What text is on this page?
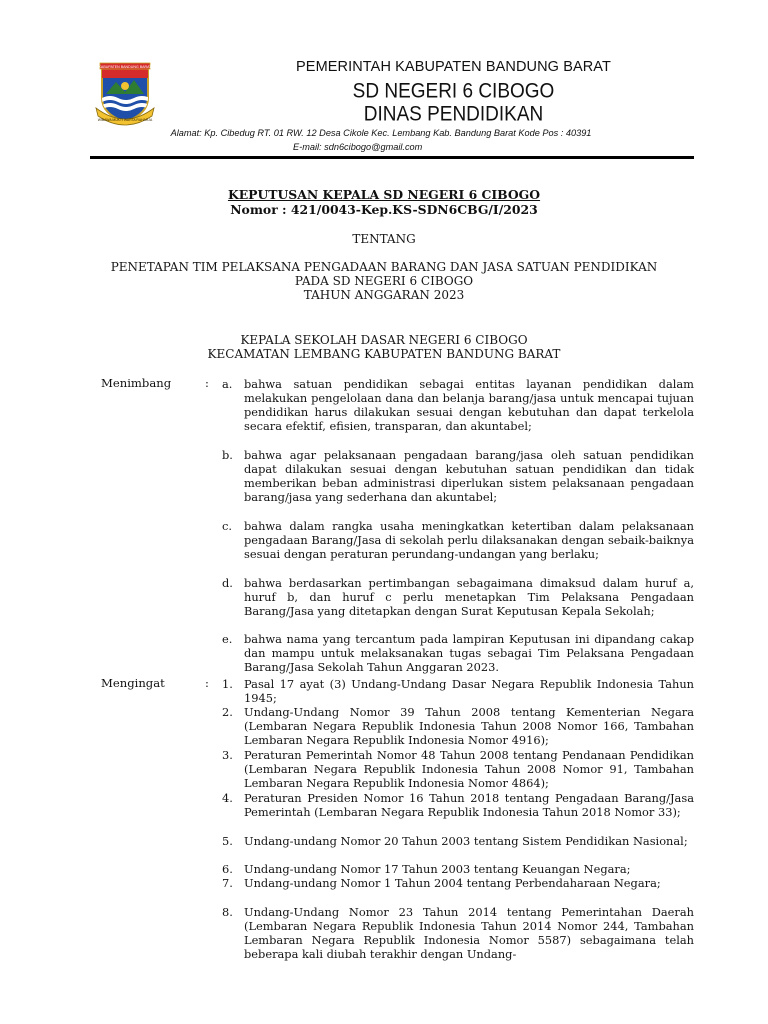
KABUPATEN BANDUNG BARAT
WIBAWA MUKTI WARTA RAHARJA
PEMERINTAH KABUPATEN BANDUNG BARAT
SD NEGERI 6 CIBOGO
DINAS PENDIDIKAN
Alamat: Kp. Cibedug RT. 01 RW. 12 Desa Cikole Kec. Lembang Kab. Bandung Barat Kode Pos : 40391
E-mail: sdn6cibogo@gmail.com
KEPUTUSAN KEPALA SD NEGERI 6 CIBOGO
Nomor : 421/0043-Kep.KS-SDN6CBG/I/2023
TENTANG
PENETAPAN TIM PELAKSANA PENGADAAN BARANG DAN JASA SATUAN PENDIDIKAN
PADA SD NEGERI 6 CIBOGO
TAHUN ANGGARAN 2023
KEPALA SEKOLAH DASAR NEGERI 6 CIBOGO
KECAMATAN LEMBANG KABUPATEN BANDUNG BARAT
Menimbang	: a. bahwa satuan pendidikan sebagai entitas layanan pendidikan dalam melakukan pengelolaan dana dan belanja barang/jasa untuk mencapai tujuan pendidikan harus dilakukan sesuai dengan kebutuhan dan dapat terkelola secara efektif, efisien, transparan, dan akuntabel;
b. bahwa agar pelaksanaan pengadaan barang/jasa oleh satuan pendidikan dapat dilakukan sesuai dengan kebutuhan satuan pendidikan dan tidak memberikan beban administrasi diperlukan sistem pelaksanaan pengadaan barang/jasa yang sederhana dan akuntabel;
c. bahwa dalam rangka usaha meningkatkan ketertiban dalam pelaksanaan pengadaan Barang/Jasa di sekolah perlu dilaksanakan dengan sebaik-baiknya sesuai dengan peraturan perundang-undangan yang berlaku;
d. bahwa berdasarkan pertimbangan sebagaimana dimaksud dalam huruf a, huruf b, dan huruf c perlu menetapkan Tim Pelaksana Pengadaan Barang/Jasa yang ditetapkan dengan Surat Keputusan Kepala Sekolah;
e. bahwa nama yang tercantum pada lampiran Keputusan ini dipandang cakap dan mampu untuk melaksanakan tugas sebagai Tim Pelaksana Pengadaan Barang/Jasa Sekolah Tahun Anggaran 2023.
Mengingat	: 1. Pasal 17 ayat (3) Undang-Undang Dasar Negara Republik Indonesia Tahun 1945;
2. Undang-Undang Nomor 39 Tahun 2008 tentang Kementerian Negara (Lembaran Negara Republik Indonesia Tahun 2008 Nomor 166, Tambahan Lembaran Negara Republik Indonesia Nomor 4916);
3. Peraturan Pemerintah Nomor 48 Tahun 2008 tentang Pendanaan Pendidikan (Lembaran Negara Republik Indonesia Tahun 2008 Nomor 91, Tambahan Lembaran Negara Republik Indonesia Nomor 4864);
4. Peraturan Presiden Nomor 16 Tahun 2018 tentang Pengadaan Barang/Jasa Pemerintah (Lembaran Negara Republik Indonesia Tahun 2018 Nomor 33);
5. Undang-undang Nomor 20 Tahun 2003 tentang Sistem Pendidikan Nasional;
6. Undang-undang Nomor 17 Tahun 2003 tentang Keuangan Negara;
7. Undang-undang Nomor 1 Tahun 2004 tentang Perbendaharaan Negara;
8. Undang-Undang Nomor 23 Tahun 2014 tentang Pemerintahan Daerah (Lembaran Negara Republik Indonesia Tahun 2014 Nomor 244, Tambahan Lembaran Negara Republik Indonesia Nomor 5587) sebagaimana telah beberapa kali diubah terakhir dengan Undang-
